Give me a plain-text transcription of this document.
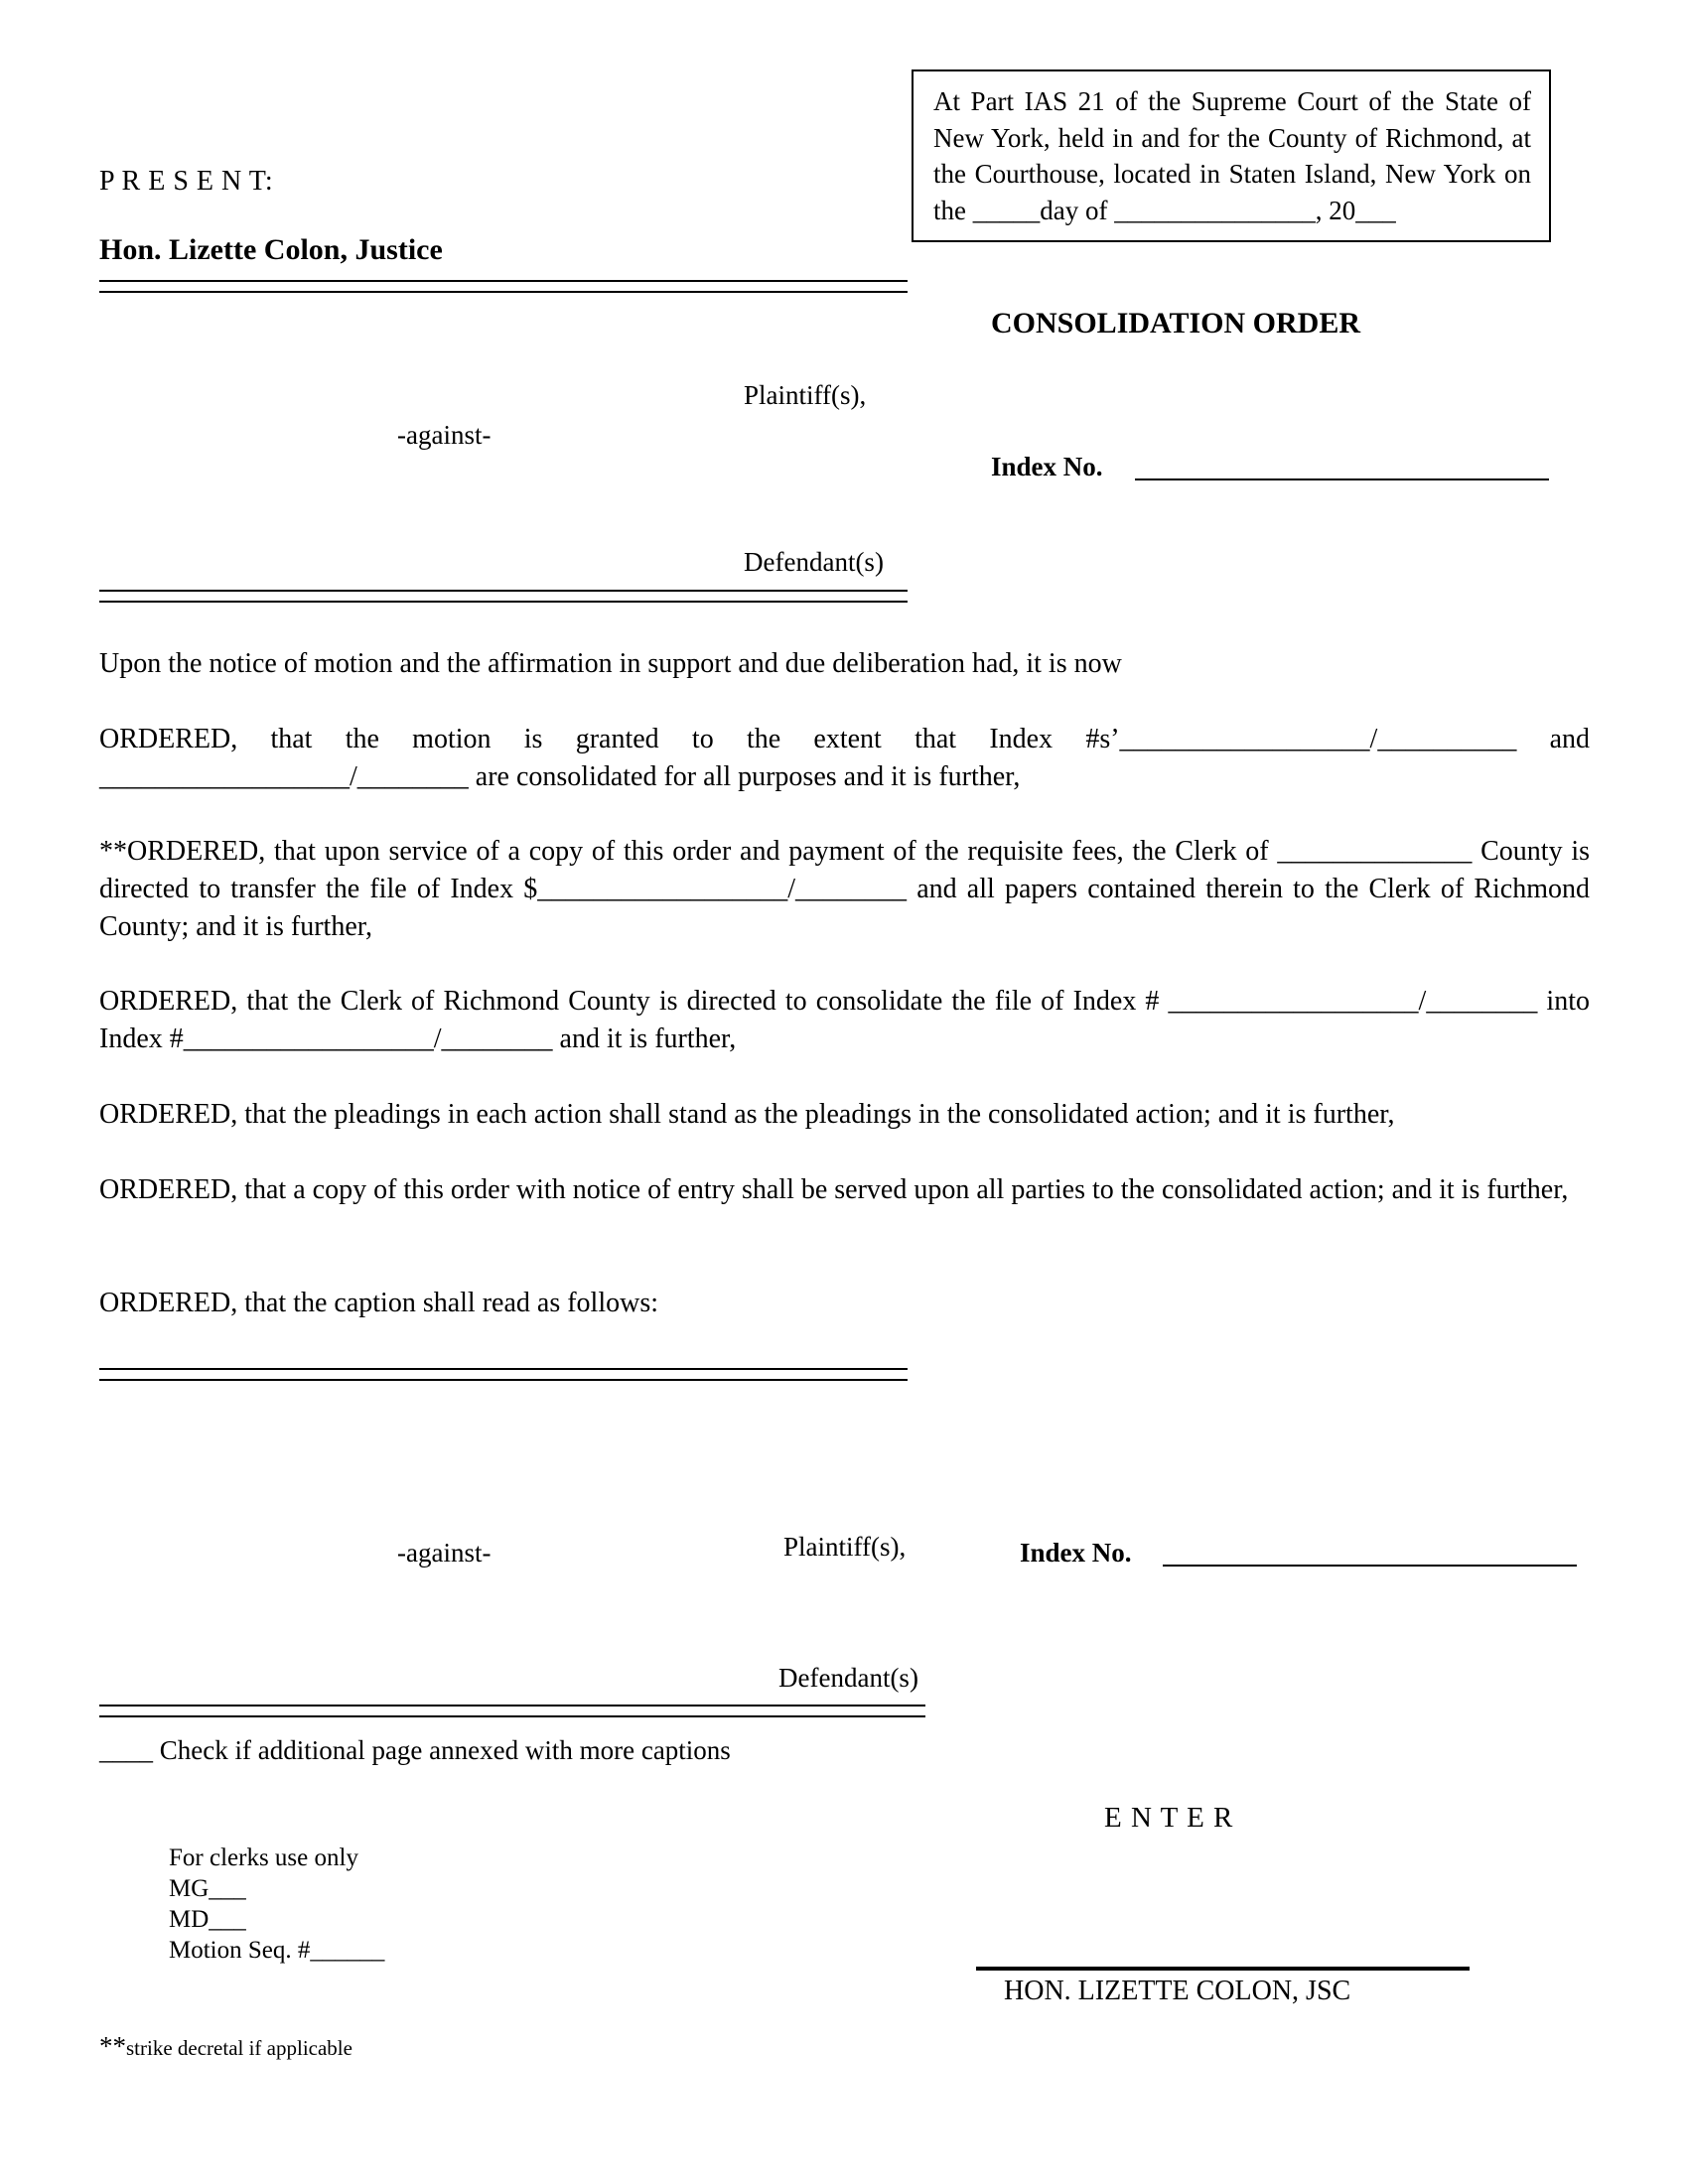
P R E S E N T:
Hon. Lizette Colon, Justice

At Part IAS 21 of the Supreme Court of the State of New York, held in and for the County of Richmond, at the Courthouse, located in Staten Island, New York on the _____day of _______________, 20___

CONSOLIDATION ORDER
Plaintiff(s),
-against-
Index No.
Defendant(s)
Upon the notice of motion and the affirmation in support and due deliberation had, it is now
ORDERED, that the motion is granted to the extent that Index #s’__________________/__________ and __________________/________ are consolidated for all purposes and it is further,
**ORDERED, that upon service of a copy of this order and payment of the requisite fees, the Clerk of ______________ County is directed to transfer the file of Index $__________________/________ and all papers contained therein to the Clerk of Richmond County; and it is further,
ORDERED, that the Clerk of Richmond County is directed to consolidate the file of Index # __________________/________ into Index #__________________/________ and it is further,
ORDERED, that the pleadings in each action shall stand as the pleadings in the consolidated action; and it is further,
ORDERED, that a copy of this order with notice of entry shall be served upon all parties to the consolidated action; and it is further,
ORDERED, that the caption shall read as follows:
-against-	Plaintiff(s),	Index No.
Defendant(s)
____ Check if additional page annexed with more captions
E N T E R
For clerks use only
MG___
MD___
Motion Seq. #______
HON. LIZETTE COLON, JSC
**strike decretal if applicable
